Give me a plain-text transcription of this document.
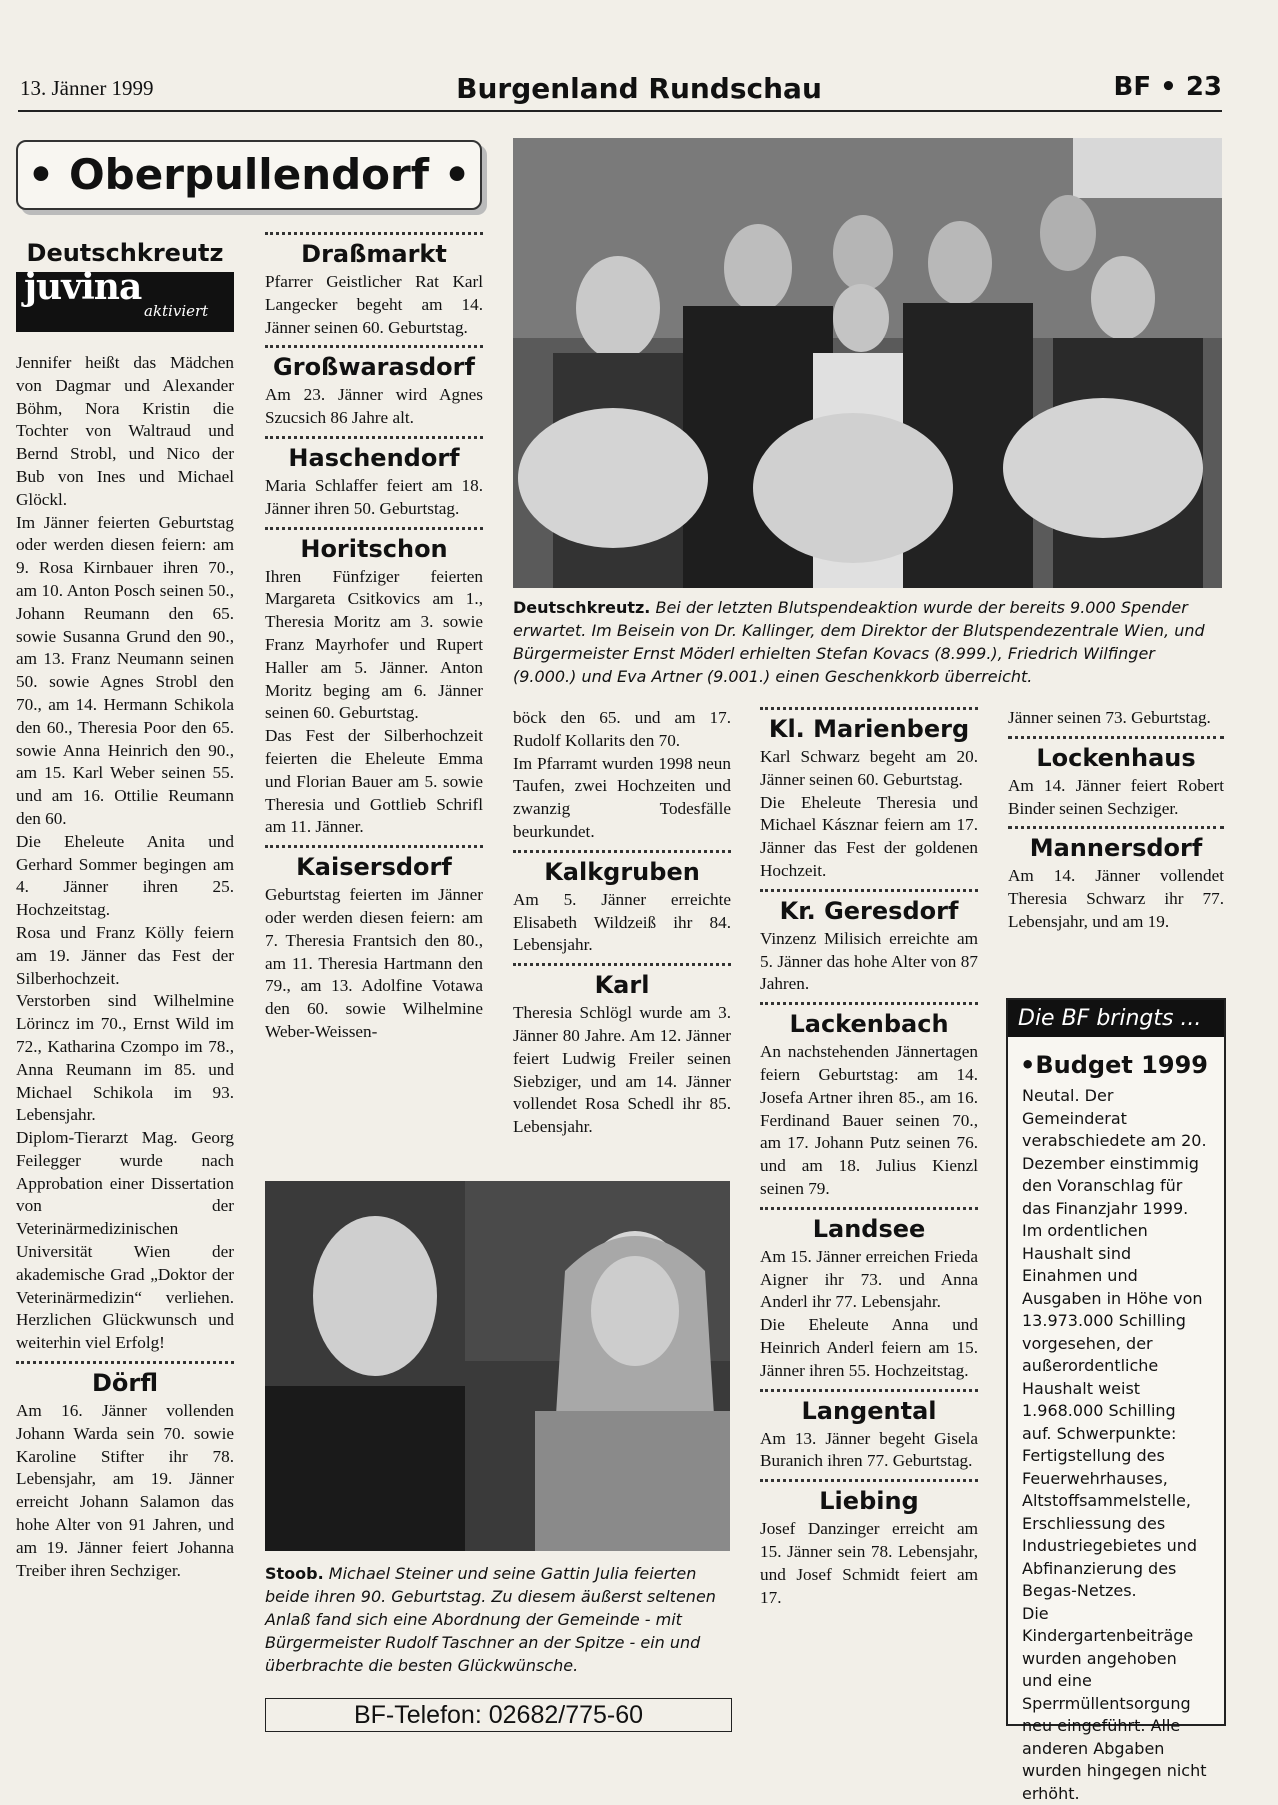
13. Jänner 1999	Burgenland Rundschau	BF • 23
• Oberpullendorf •
Deutschkreutz
juvina
aktiviert

Jennifer heißt das Mädchen von Dagmar und Alexander Böhm, Nora Kristin die Tochter von Waltraud und Bernd Strobl, und Nico der Bub von Ines und Michael Glöckl.

Im Jänner feierten Geburtstag oder werden diesen feiern: am 9. Rosa Kirnbauer ihren 70., am 10. Anton Posch seinen 50., Johann Reumann den 65. sowie Susanna Grund den 90., am 13. Franz Neumann seinen 50. sowie Agnes Strobl den 70., am 14. Hermann Schikola den 60., Theresia Poor den 65. sowie Anna Heinrich den 90., am 15. Karl Weber seinen 55. und am 16. Ottilie Reumann den 60.

Die Eheleute Anita und Gerhard Sommer begingen am 4. Jänner ihren 25. Hochzeitstag.

Rosa und Franz Kölly feiern am 19. Jänner das Fest der Silberhochzeit.

Verstorben sind Wilhelmine Lörincz im 70., Ernst Wild im 72., Katharina Czompo im 78., Anna Reumann im 85. und Michael Schikola im 93. Lebensjahr.

Diplom-Tierarzt Mag. Georg Feilegger wurde nach Approbation einer Dissertation von der Veterinärmedizinischen Universität Wien der akademische Grad „Doktor der Veterinärmedizin“ verliehen. Herzlichen Glückwunsch und weiterhin viel Erfolg!

Dörfl

Am 16. Jänner vollenden Johann Warda sein 70. sowie Karoline Stifter ihr 78. Lebensjahr, am 19. Jänner erreicht Johann Salamon das hohe Alter von 91 Jahren, und am 19. Jänner feiert Johanna Treiber ihren Sechziger.

Draßmarkt

Pfarrer Geistlicher Rat Karl Langecker begeht am 14. Jänner seinen 60. Geburtstag.

Großwarasdorf

Am 23. Jänner wird Agnes Szucsich 86 Jahre alt.

Haschendorf

Maria Schlaffer feiert am 18. Jänner ihren 50. Geburtstag.

Horitschon

Ihren Fünfziger feierten Margareta Csitkovics am 1., Theresia Moritz am 3. sowie Franz Mayrhofer und Rupert Haller am 5. Jänner. Anton Moritz beging am 6. Jänner seinen 60. Geburtstag.

Das Fest der Silberhochzeit feierten die Eheleute Emma und Florian Bauer am 5. sowie Theresia und Gottlieb Schrifl am 11. Jänner.

Kaisersdorf

Geburtstag feierten im Jänner oder werden diesen feiern: am 7. Theresia Frantsich den 80., am 11. Theresia Hartmann den 79., am 13. Adolfine Votawa den 60. sowie Wilhelmine Weber-Weissen-

Deutschkreutz. Bei der letzten Blutspendeaktion wurde der bereits 9.000 Spender erwartet. Im Beisein von Dr. Kallinger, dem Direktor der Blutspendezentrale Wien, und Bürgermeister Ernst Möderl erhielten Stefan Kovacs (8.999.), Friedrich Wilfinger (9.000.) und Eva Artner (9.001.) einen Geschenkkorb überreicht.

böck den 65. und am 17. Rudolf Kollarits den 70.

Im Pfarramt wurden 1998 neun Taufen, zwei Hochzeiten und zwanzig Todesfälle beurkundet.

Kalkgruben

Am 5. Jänner erreichte Elisabeth Wildzeiß ihr 84. Lebensjahr.

Karl

Theresia Schlögl wurde am 3. Jänner 80 Jahre. Am 12. Jänner feiert Ludwig Freiler seinen Siebziger, und am 14. Jänner vollendet Rosa Schedl ihr 85. Lebensjahr.

Stoob. Michael Steiner und seine Gattin Julia feierten beide ihren 90. Geburtstag. Zu diesem äußerst seltenen Anlaß fand sich eine Abordnung der Gemeinde - mit Bürgermeister Rudolf Taschner an der Spitze - ein und überbrachte die besten Glückwünsche.
BF-Telefon: 02682/775-60
Kl. Marienberg

Karl Schwarz begeht am 20. Jänner seinen 60. Geburtstag.

Die Eheleute Theresia und Michael Kásznar feiern am 17. Jänner das Fest der goldenen Hochzeit.

Kr. Geresdorf

Vinzenz Milisich erreichte am 5. Jänner das hohe Alter von 87 Jahren.

Lackenbach

An nachstehenden Jännertagen feiern Geburtstag: am 14. Josefa Artner ihren 85., am 16. Ferdinand Bauer seinen 70., am 17. Johann Putz seinen 76. und am 18. Julius Kienzl seinen 79.

Landsee

Am 15. Jänner erreichen Frieda Aigner ihr 73. und Anna Anderl ihr 77. Lebensjahr.

Die Eheleute Anna und Heinrich Anderl feiern am 15. Jänner ihren 55. Hochzeitstag.

Langental

Am 13. Jänner begeht Gisela Buranich ihren 77. Geburtstag.

Liebing

Josef Danzinger erreicht am 15. Jänner sein 78. Lebensjahr, und Josef Schmidt feiert am 17.

Jänner seinen 73. Geburtstag.

Lockenhaus

Am 14. Jänner feiert Robert Binder seinen Sechziger.

Mannersdorf

Am 14. Jänner vollendet Theresia Schwarz ihr 77. Lebensjahr, und am 19.

Die BF bringts ...
•Budget 1999

Neutal. Der Gemeinderat verabschiedete am 20. Dezember einstimmig den Voranschlag für das Finanzjahr 1999. Im ordentlichen Haushalt sind Einahmen und Ausgaben in Höhe von 13.973.000 Schilling vorgesehen, der außerordentliche Haushalt weist 1.968.000 Schilling auf. Schwerpunkte: Fertigstellung des Feuerwehrhauses, Altstoffsammelstelle, Erschliessung des Industriegebietes und Abfinanzierung des Begas-Netzes.

Die Kindergartenbeiträge wurden angehoben und eine Sperrmüllentsorgung neu eingeführt. Alle anderen Abgaben wurden hingegen nicht erhöht.
